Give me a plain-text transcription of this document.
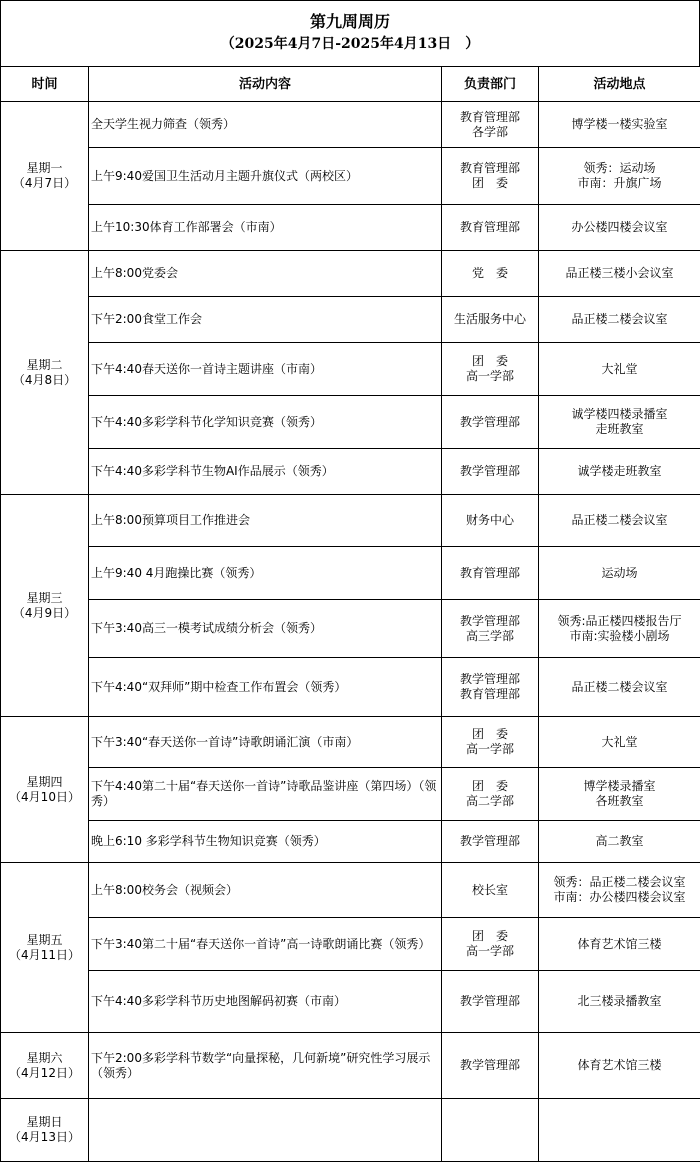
第九周周历
（2025年4月7日-2025年4月13日　）
时间	活动内容	负责部门	活动地点

星期一
（4月7日）	全天学生视力筛查（领秀）	教育管理部
各学部	博学楼一楼实验室

	上午9:40爱国卫生活动月主题升旗仪式（两校区）	教育管理部
团　委	领秀：运动场
市南：升旗广场

	上午10:30体育工作部署会（市南）	教育管理部	办公楼四楼会议室

星期二
（4月8日）	上午8:00党委会	党　委	品正楼三楼小会议室

	下午2:00食堂工作会	生活服务中心	品正楼二楼会议室

	下午4:40春天送你一首诗主题讲座（市南）	团　委
高一学部	大礼堂

	下午4:40多彩学科节化学知识竞赛（领秀）	教学管理部	诚学楼四楼录播室
走班教室

	下午4:40多彩学科节生物AI作品展示（领秀）	教学管理部	诚学楼走班教室

星期三
（4月9日）	上午8:00预算项目工作推进会	财务中心	品正楼二楼会议室

	上午9:40 4月跑操比赛（领秀）	教育管理部	运动场

	下午3:40高三一模考试成绩分析会（领秀）	教学管理部
高三学部	领秀:品正楼四楼报告厅
市南:实验楼小剧场

	下午4:40“双拜师”期中检查工作布置会（领秀）	教学管理部
教育管理部	品正楼二楼会议室

星期四
（4月10日）	下午3:40“春天送你一首诗”诗歌朗诵汇演（市南）	团　委
高一学部	大礼堂

	下午4:40第二十届“春天送你一首诗”诗歌品鉴讲座（第四场）（领秀）	团　委
高二学部	博学楼录播室
各班教室

	晚上6:10 多彩学科节生物知识竞赛（领秀）	教学管理部	高二教室

星期五
（4月11日）	上午8:00校务会（视频会）	校长室	领秀：品正楼二楼会议室
市南：办公楼四楼会议室

	下午3:40第二十届“春天送你一首诗”高一诗歌朗诵比赛（领秀）	团　委
高一学部	体育艺术馆三楼

	下午4:40多彩学科节历史地图解码初赛（市南）	教学管理部	北三楼录播教室

星期六
（4月12日）	下午2:00多彩学科节数学“向量探秘，几何新境”研究性学习展示（领秀）	教学管理部	体育艺术馆三楼

星期日
（4月13日）			
